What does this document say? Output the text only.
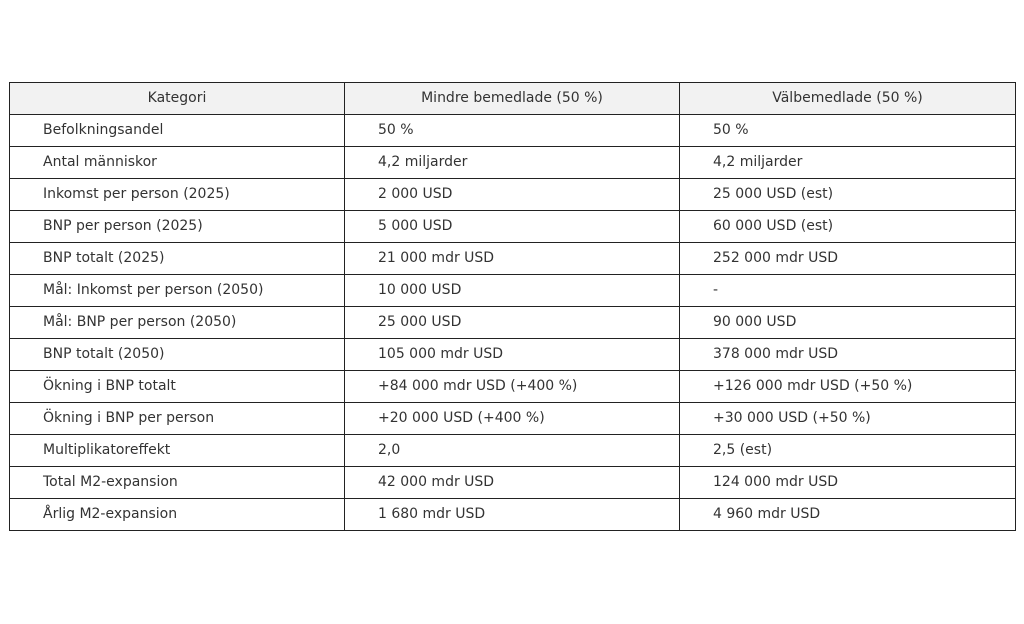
Kategori	Mindre bemedlade (50 %)	Välbemedlade (50 %)
Befolkningsandel	50 %	50 %
Antal människor	4,2 miljarder	4,2 miljarder
Inkomst per person (2025)	2 000 USD	25 000 USD (est)
BNP per person (2025)	5 000 USD	60 000 USD (est)
BNP totalt (2025)	21 000 mdr USD	252 000 mdr USD
Mål: Inkomst per person (2050)	10 000 USD	-
Mål: BNP per person (2050)	25 000 USD	90 000 USD
BNP totalt (2050)	105 000 mdr USD	378 000 mdr USD
Ökning i BNP totalt	+84 000 mdr USD (+400 %)	+126 000 mdr USD (+50 %)
Ökning i BNP per person	+20 000 USD (+400 %)	+30 000 USD (+50 %)
Multiplikatoreffekt	2,0	2,5 (est)
Total M2-expansion	42 000 mdr USD	124 000 mdr USD
Årlig M2-expansion	1 680 mdr USD	4 960 mdr USD
